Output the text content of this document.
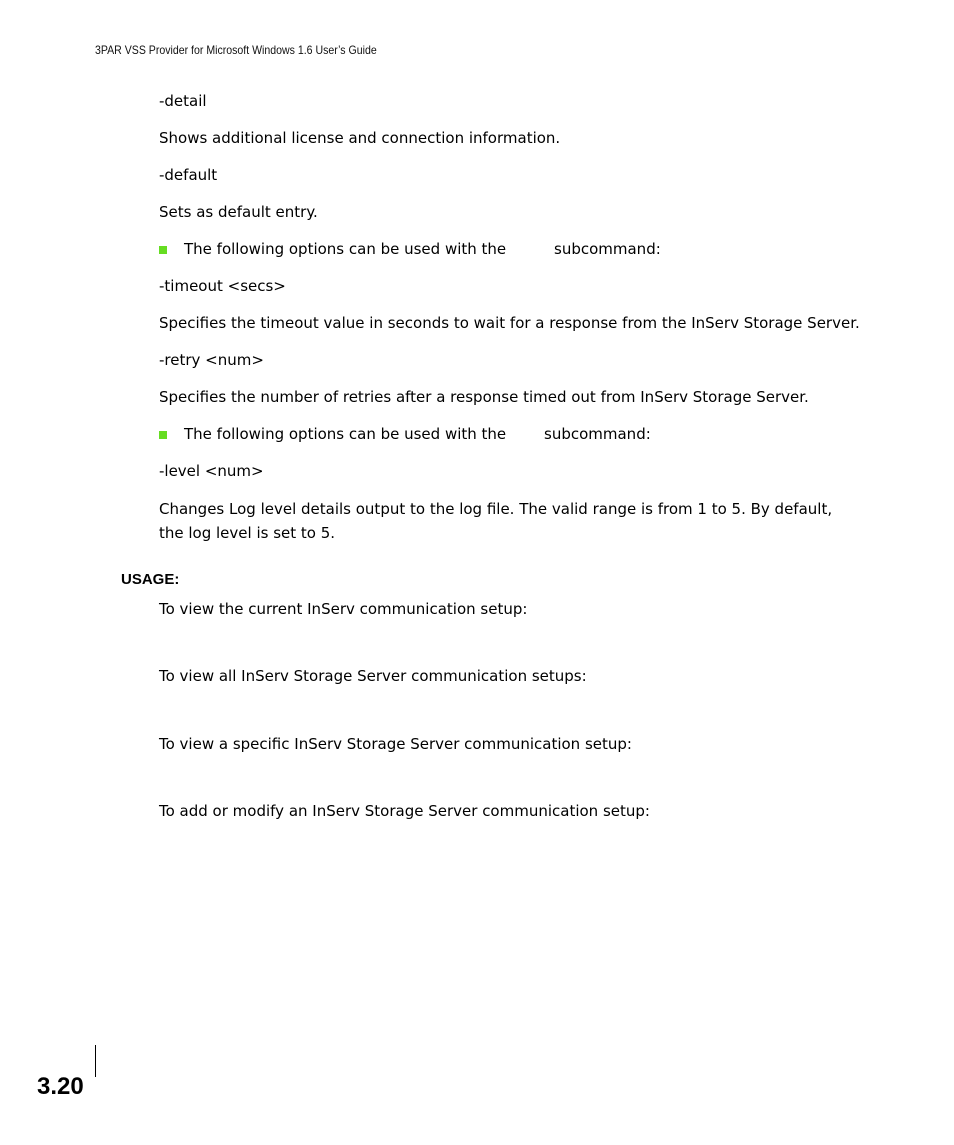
3PAR VSS Provider for Microsoft Windows 1.6 User’s Guide
-detail
Shows additional license and connection information.
-default
Sets as default entry.
The following options can be used with the	subcommand:
-timeout <secs>
Specifies the timeout value in seconds to wait for a response from the InServ Storage Server.
-retry <num>
Specifies the number of retries after a response timed out from InServ Storage Server.
The following options can be used with the	subcommand:
-level <num>
Changes Log level details output to the log file. The valid range is from 1 to 5. By default, the log level is set to 5.
USAGE:
To view the current InServ communication setup:
To view all InServ Storage Server communication setups:
To view a specific InServ Storage Server communication setup:
To add or modify an InServ Storage Server communication setup:
3.20
